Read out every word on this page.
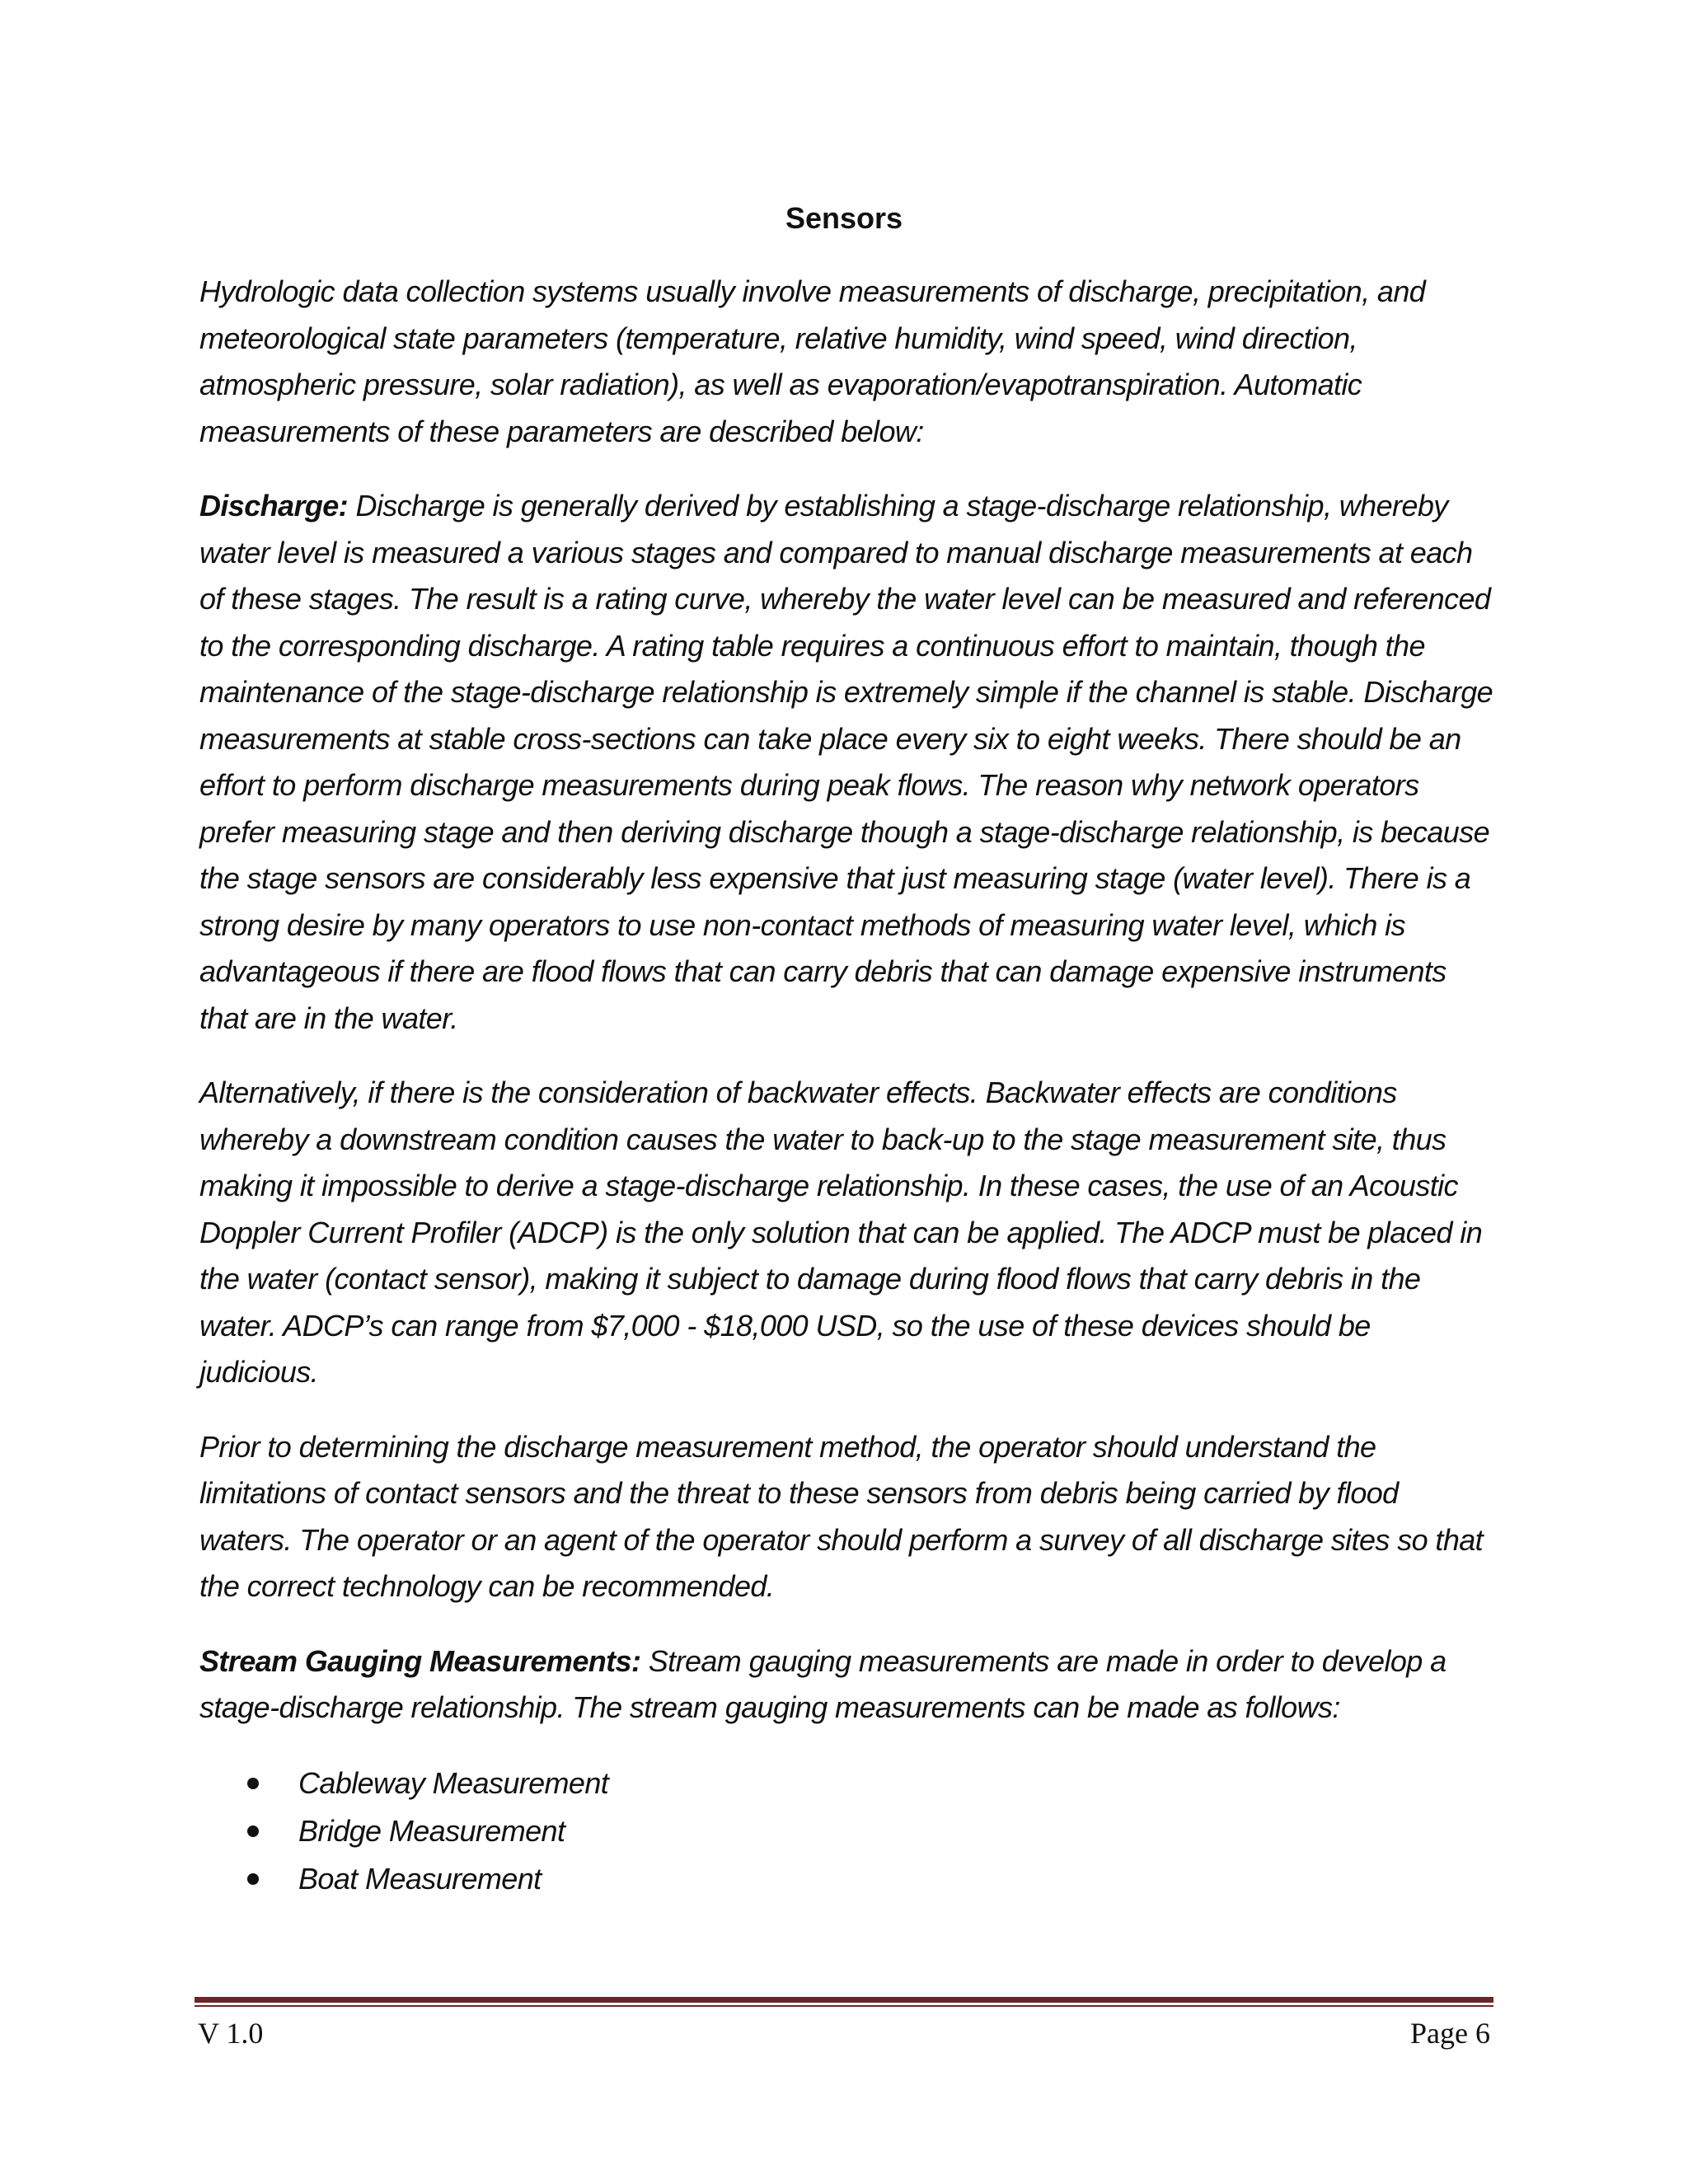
Sensors

Hydrologic data collection systems usually involve measurements of discharge, precipitation, and meteorological state parameters (temperature, relative humidity, wind speed, wind direction, atmospheric pressure, solar radiation), as well as evaporation/evapotranspiration. Automatic measurements of these parameters are described below:

Discharge: Discharge is generally derived by establishing a stage-discharge relationship, whereby water level is measured a various stages and compared to manual discharge measurements at each of these stages. The result is a rating curve, whereby the water level can be measured and referenced to the corresponding discharge. A rating table requires a continuous effort to maintain, though the maintenance of the stage-discharge relationship is extremely simple if the channel is stable. Discharge measurements at stable cross-sections can take place every six to eight weeks. There should be an effort to perform discharge measurements during peak flows. The reason why network operators prefer measuring stage and then deriving discharge though a stage-discharge relationship, is because the stage sensors are considerably less expensive that just measuring stage (water level). There is a strong desire by many operators to use non-contact methods of measuring water level, which is advantageous if there are flood flows that can carry debris that can damage expensive instruments that are in the water.

Alternatively, if there is the consideration of backwater effects. Backwater effects are conditions whereby a downstream condition causes the water to back-up to the stage measurement site, thus making it impossible to derive a stage-discharge relationship. In these cases, the use of an Acoustic Doppler Current Profiler (ADCP) is the only solution that can be applied. The ADCP must be placed in the water (contact sensor), making it subject to damage during flood flows that carry debris in the water. ADCP’s can range from $7,000 - $18,000 USD, so the use of these devices should be judicious.

Prior to determining the discharge measurement method, the operator should understand the limitations of contact sensors and the threat to these sensors from debris being carried by flood waters. The operator or an agent of the operator should perform a survey of all discharge sites so that the correct technology can be recommended.

Stream Gauging Measurements: Stream gauging measurements are made in order to develop a stage-discharge relationship. The stream gauging measurements can be made as follows:

Cableway Measurement
Bridge Measurement
Boat Measurement
V 1.0	Page 6
